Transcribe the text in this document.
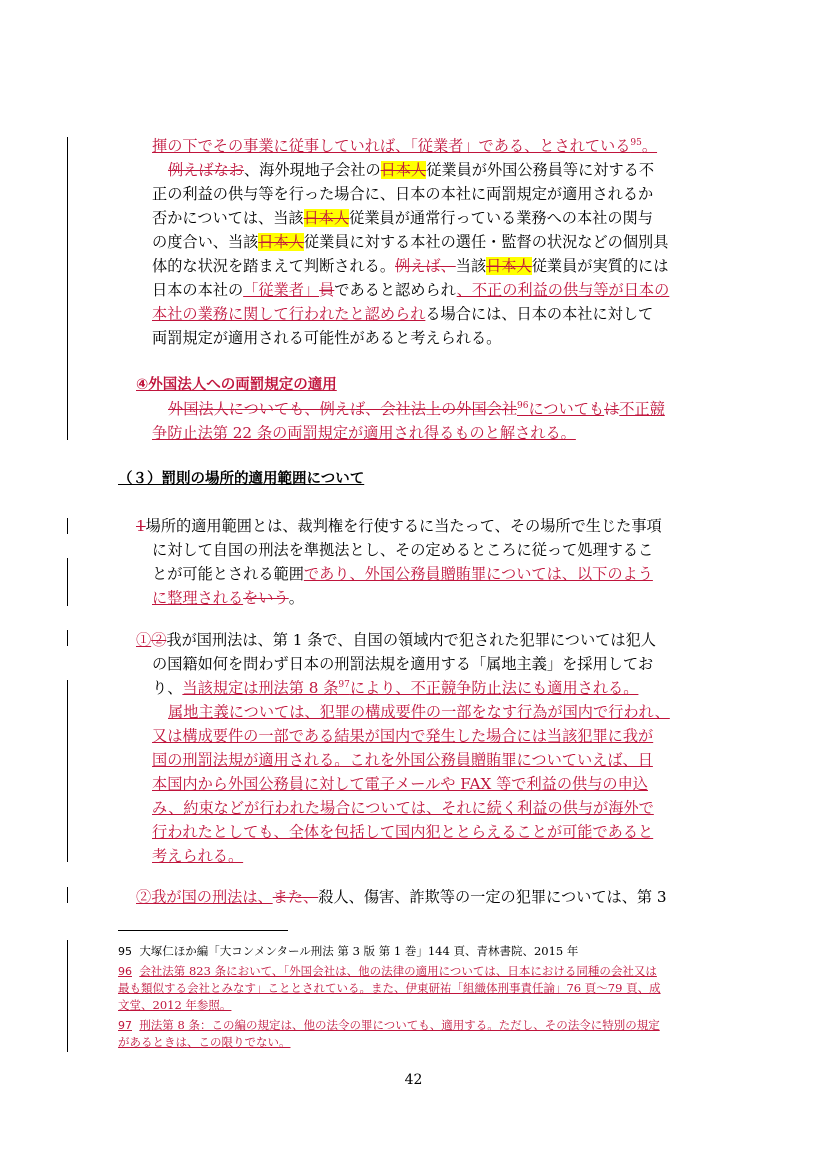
揮の下でその事業に従事していれば、「従業者」である、とされている$^{95}$。
例えばなお、海外現地子会社の日本人従業員が外国公務員等に対する不
正の利益の供与等を行った場合に、日本の本社に両罰規定が適用されるか
否かについては、当該日本人従業員が通常行っている業務への本社の関与
の度合い、当該日本人従業員に対する本社の選任・監督の状況などの個別具
体的な状況を踏まえて判断される。例えば、当該日本人従業員が実質的には
日本の本社の「従業者」員であると認められ、不正の利益の供与等が日本の
本社の業務に関して行われたと認められる場合には、日本の本社に対して
両罰規定が適用される可能性があると考えられる。
④外国法人への両罰規定の適用
外国法人についても、例えば、会社法上の外国会社$^{96}$についてもは不正競
争防止法第 22 条の両罰規定が適用され得るものと解される。
（３）罰則の場所的適用範囲について
1場所的適用範囲とは、裁判権を行使するに当たって、その場所で生じた事項
に対して自国の刑法を準拠法とし、その定めるところに従って処理するこ
とが可能とされる範囲であり、外国公務員贈賄罪については、以下のよう
に整理されるをいう。
①②我が国刑法は、第 1 条で、自国の領域内で犯された犯罪については犯人
の国籍如何を問わず日本の刑罰法規を適用する「属地主義」を採用してお
り、当該規定は刑法第 8 条$^{97}$により、不正競争防止法にも適用される。
属地主義については、犯罪の構成要件の一部をなす行為が国内で行われ、
又は構成要件の一部である結果が国内で発生した場合には当該犯罪に我が
国の刑罰法規が適用される。これを外国公務員贈賄罪についていえば、日
本国内から外国公務員に対して電子メールや FAX 等で利益の供与の申込
み、約束などが行われた場合については、それに続く利益の供与が海外で
行われたとしても、全体を包括して国内犯ととらえることが可能であると
考えられる。
②我が国の刑法は、また、殺人、傷害、詐欺等の一定の犯罪については、第 3
95 大塚仁ほか編「大コンメンタール刑法 第 3 版 第 1 巻」144 頁、青林書院、2015 年
96 会社法第 823 条において、「外国会社は、他の法律の適用については、日本における同種の会社又は
最も類似する会社とみなす」こととされている。また、伊東研祐「組織体刑事責任論」76 頁〜79 頁、成
文堂、2012 年参照。
97 刑法第 8 条：この編の規定は、他の法令の罪についても、適用する。ただし、その法令に特別の規定
があるときは、この限りでない。
42
